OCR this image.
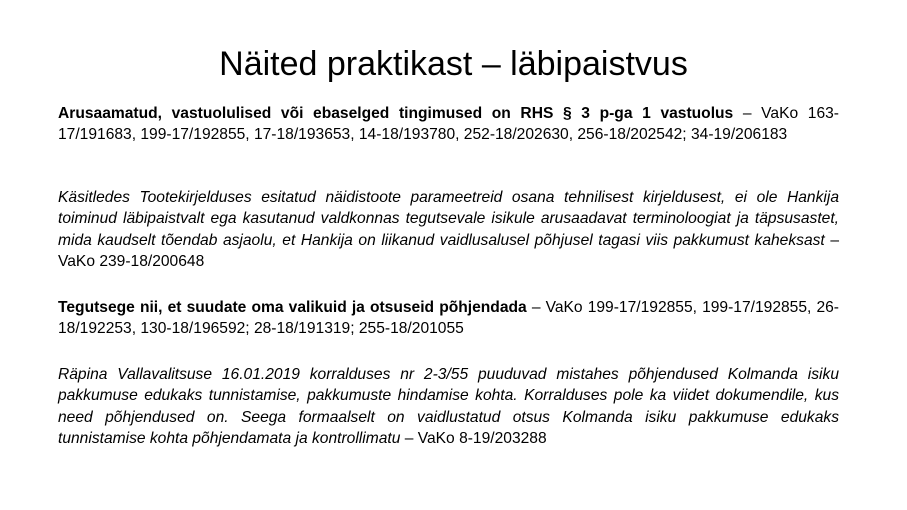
Näited praktikast – läbipaistvus
Arusaamatud, vastuolulised või ebaselged tingimused on RHS § 3 p-ga 1 vastuolus – VaKo 163-17/191683, 199-17/192855, 17-18/193653, 14-18/193780, 252-18/202630, 256-18/202542; 34-19/206183
Käsitledes Tootekirjelduses esitatud näidistoote parameetreid osana tehnilisest kirjeldusest, ei ole Hankija toiminud läbipaistvalt ega kasutanud valdkonnas tegutsevale isikule arusaadavat terminoloogiat ja täpsusastet, mida kaudselt tõendab asjaolu, et Hankija on liikanud vaidlusalusel põhjusel tagasi viis pakkumust kaheksast – VaKo 239-18/200648
Tegutsege nii, et suudate oma valikuid ja otsuseid põhjendada – VaKo 199-17/192855, 199-17/192855, 26-18/192253, 130-18/196592; 28-18/191319; 255-18/201055
Räpina Vallavalitsuse 16.01.2019 korralduses nr 2-3/55 puuduvad mistahes põhjendused Kolmanda isiku pakkumuse edukaks tunnistamise, pakkumuste hindamise kohta. Korralduses pole ka viidet dokumendile, kus need põhjendused on. Seega formaalselt on vaidlustatud otsus Kolmanda isiku pakkumuse edukaks tunnistamise kohta põhjendamata ja kontrollimatu – VaKo 8-19/203288
